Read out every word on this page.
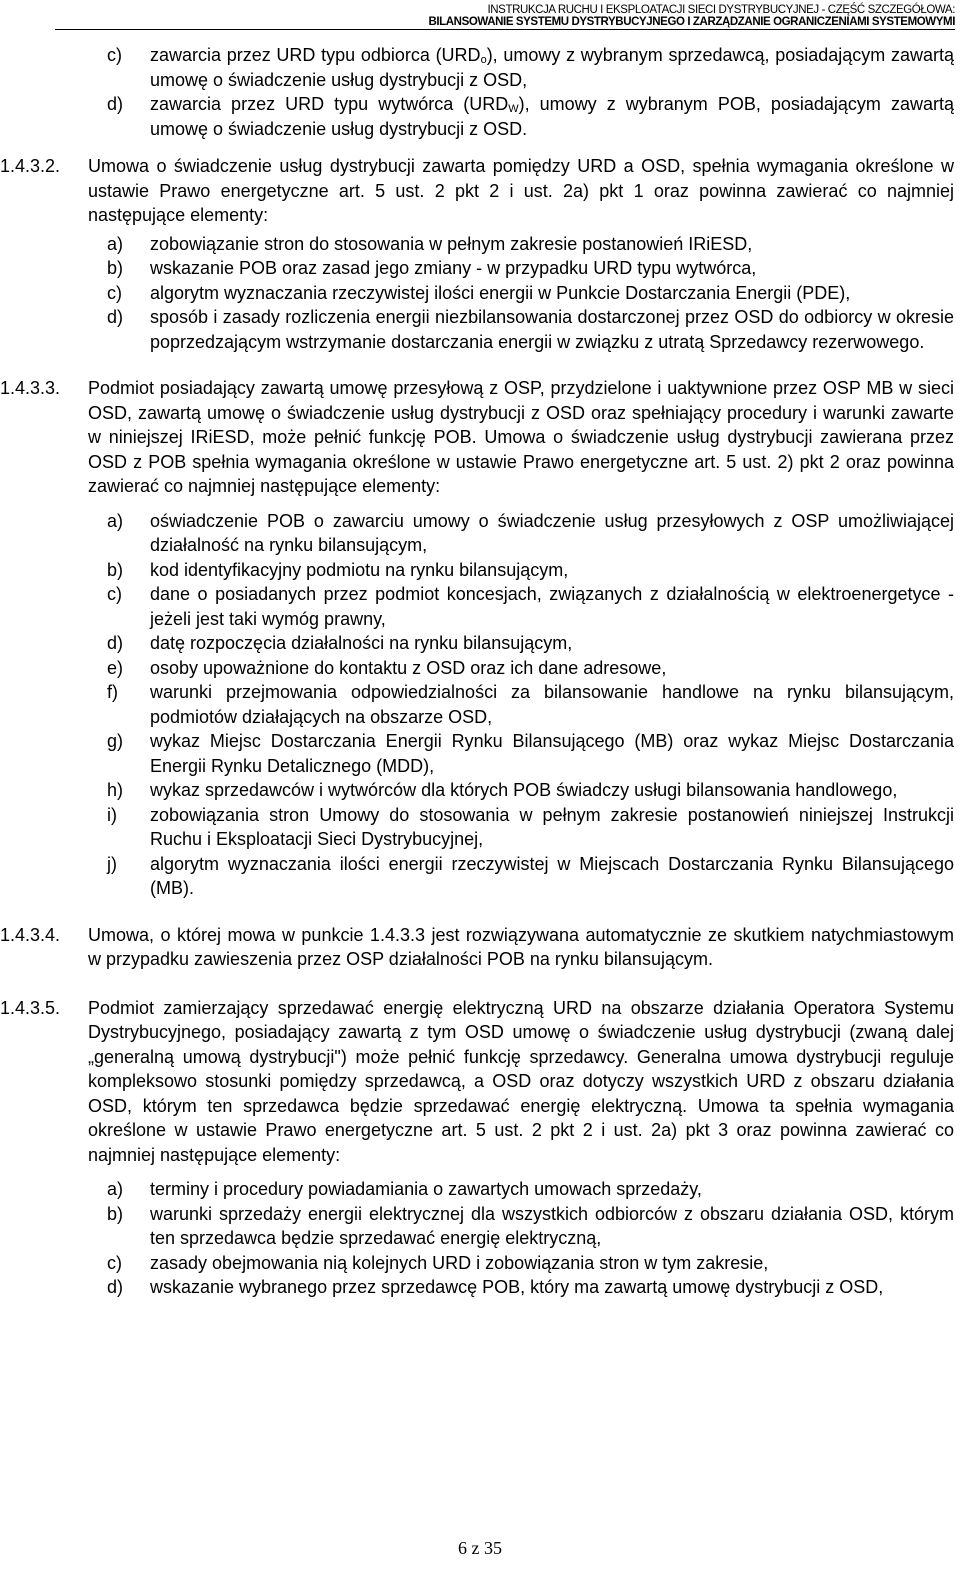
INSTRUKCJA RUCHU I EKSPLOATACJI SIECI DYSTRYBUCYJNEJ - CZĘŚĆ SZCZEGÓŁOWA:
BILANSOWANIE SYSTEMU DYSTRYBUCYJNEGO I ZARZĄDZANIE OGRANICZENIAMI SYSTEMOWYMI
c) zawarcia przez URD typu odbiorca $(URD_o)$, umowy z wybranym sprzedawcą, posiadającym zawartą umowę o świadczenie usług dystrybucji z OSD,
d) zawarcia przez URD typu wytwórca $(URD_W)$, umowy z wybranym POB, posiadającym zawartą umowę o świadczenie usług dystrybucji z OSD.
1.4.3.2. Umowa o świadczenie usług dystrybucji zawarta pomiędzy URD a OSD, spełnia wymagania określone w ustawie Prawo energetyczne art. 5 ust. 2 pkt 2 i ust. 2a) pkt 1 oraz powinna zawierać co najmniej następujące elementy:

a) zobowiązanie stron do stosowania w pełnym zakresie postanowień IRiESD,
b) wskazanie POB oraz zasad jego zmiany - w przypadku URD typu wytwórca,
c) algorytm wyznaczania rzeczywistej ilości energii w Punkcie Dostarczania Energii (PDE),
d) sposób i zasady rozliczenia energii niezbilansowania dostarczonej przez OSD do odbiorcy w okresie poprzedzającym wstrzymanie dostarczania energii w związku z utratą Sprzedawcy rezerwowego.
1.4.3.3. Podmiot posiadający zawartą umowę przesyłową z OSP, przydzielone i uaktywnione przez OSP MB w sieci OSD, zawartą umowę o świadczenie usług dystrybucji z OSD oraz spełniający procedury i warunki zawarte w niniejszej IRiESD, może pełnić funkcję POB. Umowa o świadczenie usług dystrybucji zawierana przez OSD z POB spełnia wymagania określone w ustawie Prawo energetyczne art. 5 ust. 2) pkt 2 oraz powinna zawierać co najmniej następujące elementy:

a) oświadczenie POB o zawarciu umowy o świadczenie usług przesyłowych z OSP umożliwiającej działalność na rynku bilansującym,
b) kod identyfikacyjny podmiotu na rynku bilansującym,
c) dane o posiadanych przez podmiot koncesjach, związanych z działalnością w elektroenergetyce - jeżeli jest taki wymóg prawny,
d) datę rozpoczęcia działalności na rynku bilansującym,
e) osoby upoważnione do kontaktu z OSD oraz ich dane adresowe,
f) warunki przejmowania odpowiedzialności za bilansowanie handlowe na rynku bilansującym, podmiotów działających na obszarze OSD,
g) wykaz Miejsc Dostarczania Energii Rynku Bilansującego (MB) oraz wykaz Miejsc Dostarczania Energii Rynku Detalicznego (MDD),
h) wykaz sprzedawców i wytwórców dla których POB świadczy usługi bilansowania handlowego,
i) zobowiązania stron Umowy do stosowania w pełnym zakresie postanowień niniejszej Instrukcji Ruchu i Eksploatacji Sieci Dystrybucyjnej,
j) algorytm wyznaczania ilości energii rzeczywistej w Miejscach Dostarczania Rynku Bilansującego (MB).
1.4.3.4. Umowa, o której mowa w punkcie 1.4.3.3 jest rozwiązywana automatycznie ze skutkiem natychmiastowym w przypadku zawieszenia przez OSP działalności POB na rynku bilansującym.

1.4.3.5. Podmiot zamierzający sprzedawać energię elektryczną URD na obszarze działania Operatora Systemu Dystrybucyjnego, posiadający zawartą z tym OSD umowę o świadczenie usług dystrybucji (zwaną dalej „generalną umową dystrybucji") może pełnić funkcję sprzedawcy. Generalna umowa dystrybucji reguluje kompleksowo stosunki pomiędzy sprzedawcą, a OSD oraz dotyczy wszystkich URD z obszaru działania OSD, którym ten sprzedawca będzie sprzedawać energię elektryczną. Umowa ta spełnia wymagania określone w ustawie Prawo energetyczne art. 5 ust. 2 pkt 2 i ust. 2a) pkt 3 oraz powinna zawierać co najmniej następujące elementy:

a) terminy i procedury powiadamiania o zawartych umowach sprzedaży,
b) warunki sprzedaży energii elektrycznej dla wszystkich odbiorców z obszaru działania OSD, którym ten sprzedawca będzie sprzedawać energię elektryczną,
c) zasady obejmowania nią kolejnych URD i zobowiązania stron w tym zakresie,
d) wskazanie wybranego przez sprzedawcę POB, który ma zawartą umowę dystrybucji z OSD,
6 z 35
